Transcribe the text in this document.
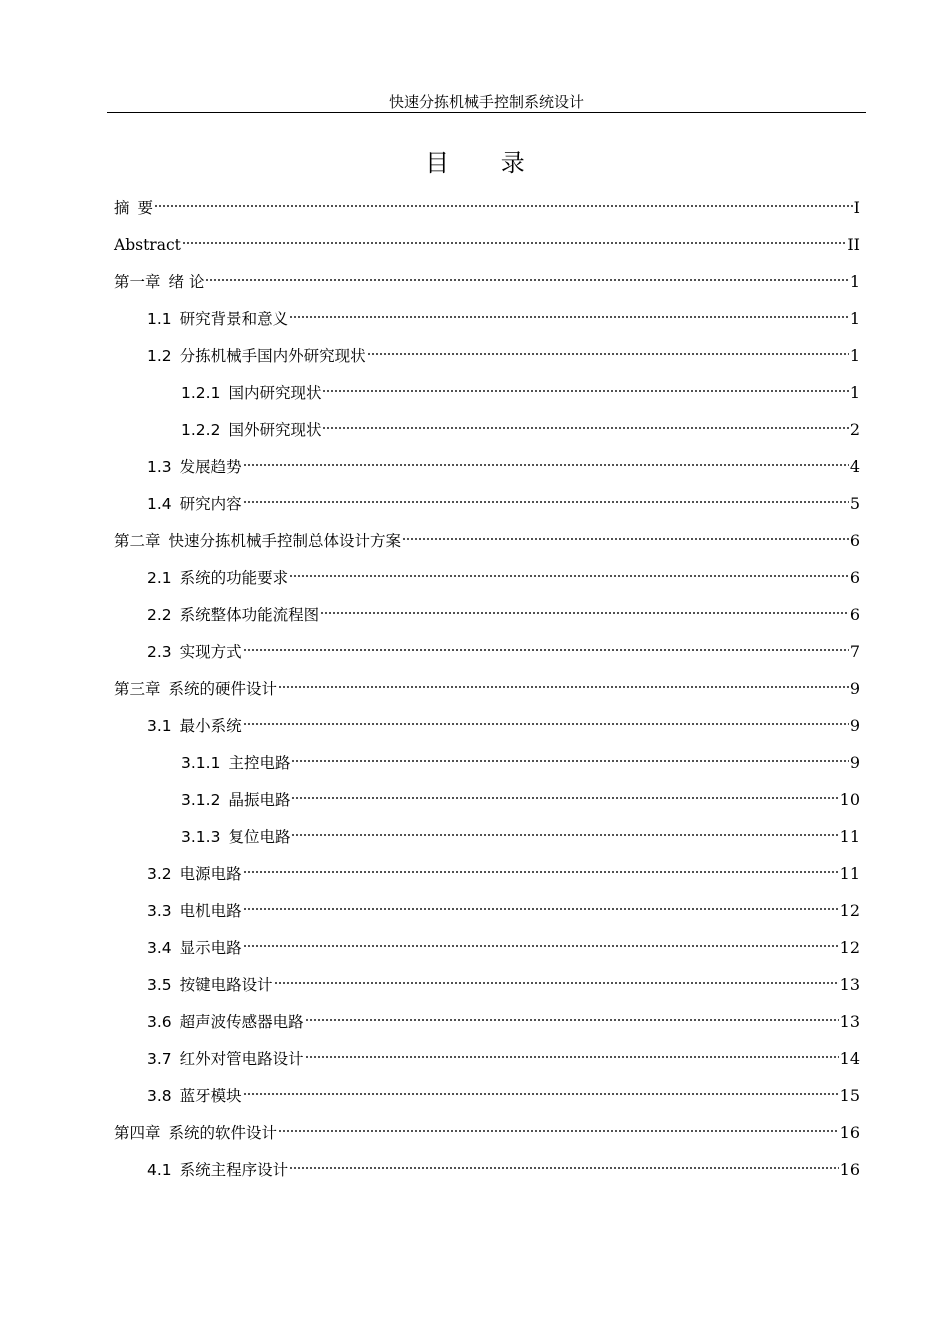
快速分拣机械手控制系统设计
目 录
摘 要	I
Abstract	II
第一章 绪 论	1
1.1 研究背景和意义	1
1.2 分拣机械手国内外研究现状	1
1.2.1 国内研究现状	1
1.2.2 国外研究现状	2
1.3 发展趋势	4
1.4 研究内容	5
第二章 快速分拣机械手控制总体设计方案	6
2.1 系统的功能要求	6
2.2 系统整体功能流程图	6
2.3 实现方式	7
第三章 系统的硬件设计	9
3.1 最小系统	9
3.1.1 主控电路	9
3.1.2 晶振电路	10
3.1.3 复位电路	11
3.2 电源电路	11
3.3 电机电路	12
3.4 显示电路	12
3.5 按键电路设计	13
3.6 超声波传感器电路	13
3.7 红外对管电路设计	14
3.8 蓝牙模块	15
第四章 系统的软件设计	16
4.1 系统主程序设计	16
